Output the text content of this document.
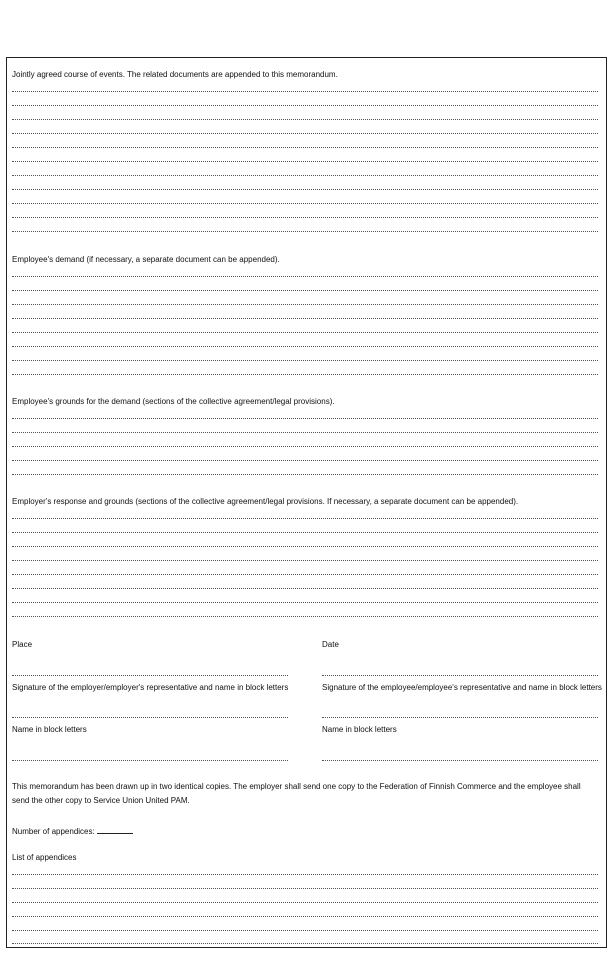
Jointly agreed course of events. The related documents are appended to this memorandum.
Employee's demand (if necessary, a separate document can be appended).
Employee's grounds for the demand (sections of the collective agreement/legal provisions).
Employer's response and grounds (sections of the collective agreement/legal provisions. If necessary, a separate document can be appended).
Place	Date
Signature of the employer/employer's representative and name in block letters	Signature of the employee/employee's representative and name in block letters
Name in block letters	Name in block letters
This memorandum has been drawn up in two identical copies. The employer shall send one copy to the Federation of Finnish Commerce and the employee shall send the other copy to Service Union United PAM.
Number of appendices:
List of appendices
